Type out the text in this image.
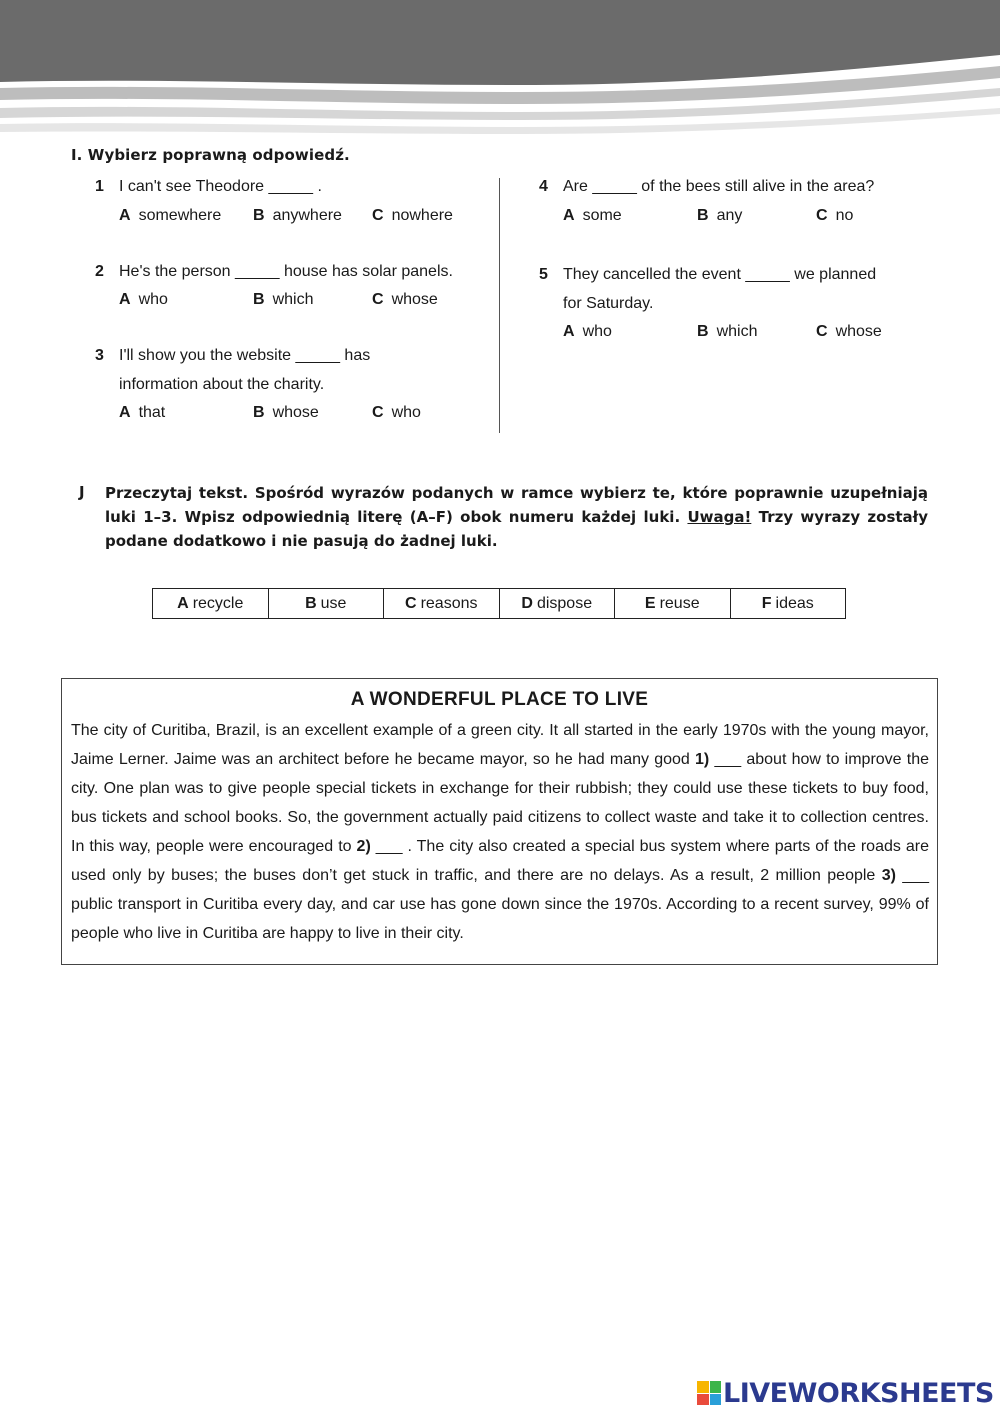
I. Wybierz poprawną odpowiedź.
1 I can't see Theodore _____ .
A somewhere B anywhere C nowhere
2 He's the person _____ house has solar panels.
A who	B which	C whose
3 I'll show you the website _____ has
information about the charity.
A that	B whose	C who
4 Are _____ of the bees still alive in the area?
A some	B any	C no
5 They cancelled the event _____ we planned
for Saturday.
A who	B which	C whose
J Przeczytaj tekst. Spośród wyrazów podanych w ramce wybierz te, które poprawnie uzupełniają luki 1–3. Wpisz odpowiednią literę (A–F) obok numeru każdej luki. Uwaga! Trzy wyrazy zostały podane dodatkowo i nie pasują do żadnej luki.
A recycle	B use	C reasons	D dispose	E reuse	F ideas
A WONDERFUL PLACE TO LIVE
The city of Curitiba, Brazil, is an excellent example of a green city. It all started in the early 1970s with the young mayor, Jaime Lerner. Jaime was an architect before he became mayor, so he had many good 1) ___ about how to improve the city. One plan was to give people special tickets in exchange for their rubbish; they could use these tickets to buy food, bus tickets and school books. So, the government actually paid citizens to collect waste and take it to collection centres. In this way, people were encouraged to 2) ___ . The city also created a special bus system where parts of the roads are used only by buses; the buses don’t get stuck in traffic, and there are no delays. As a result, 2 million people 3) ___ public transport in Curitiba every day, and car use has gone down since the 1970s. According to a recent survey, 99% of people who live in Curitiba are happy to live in their city.
LIVEWORKSHEETS
